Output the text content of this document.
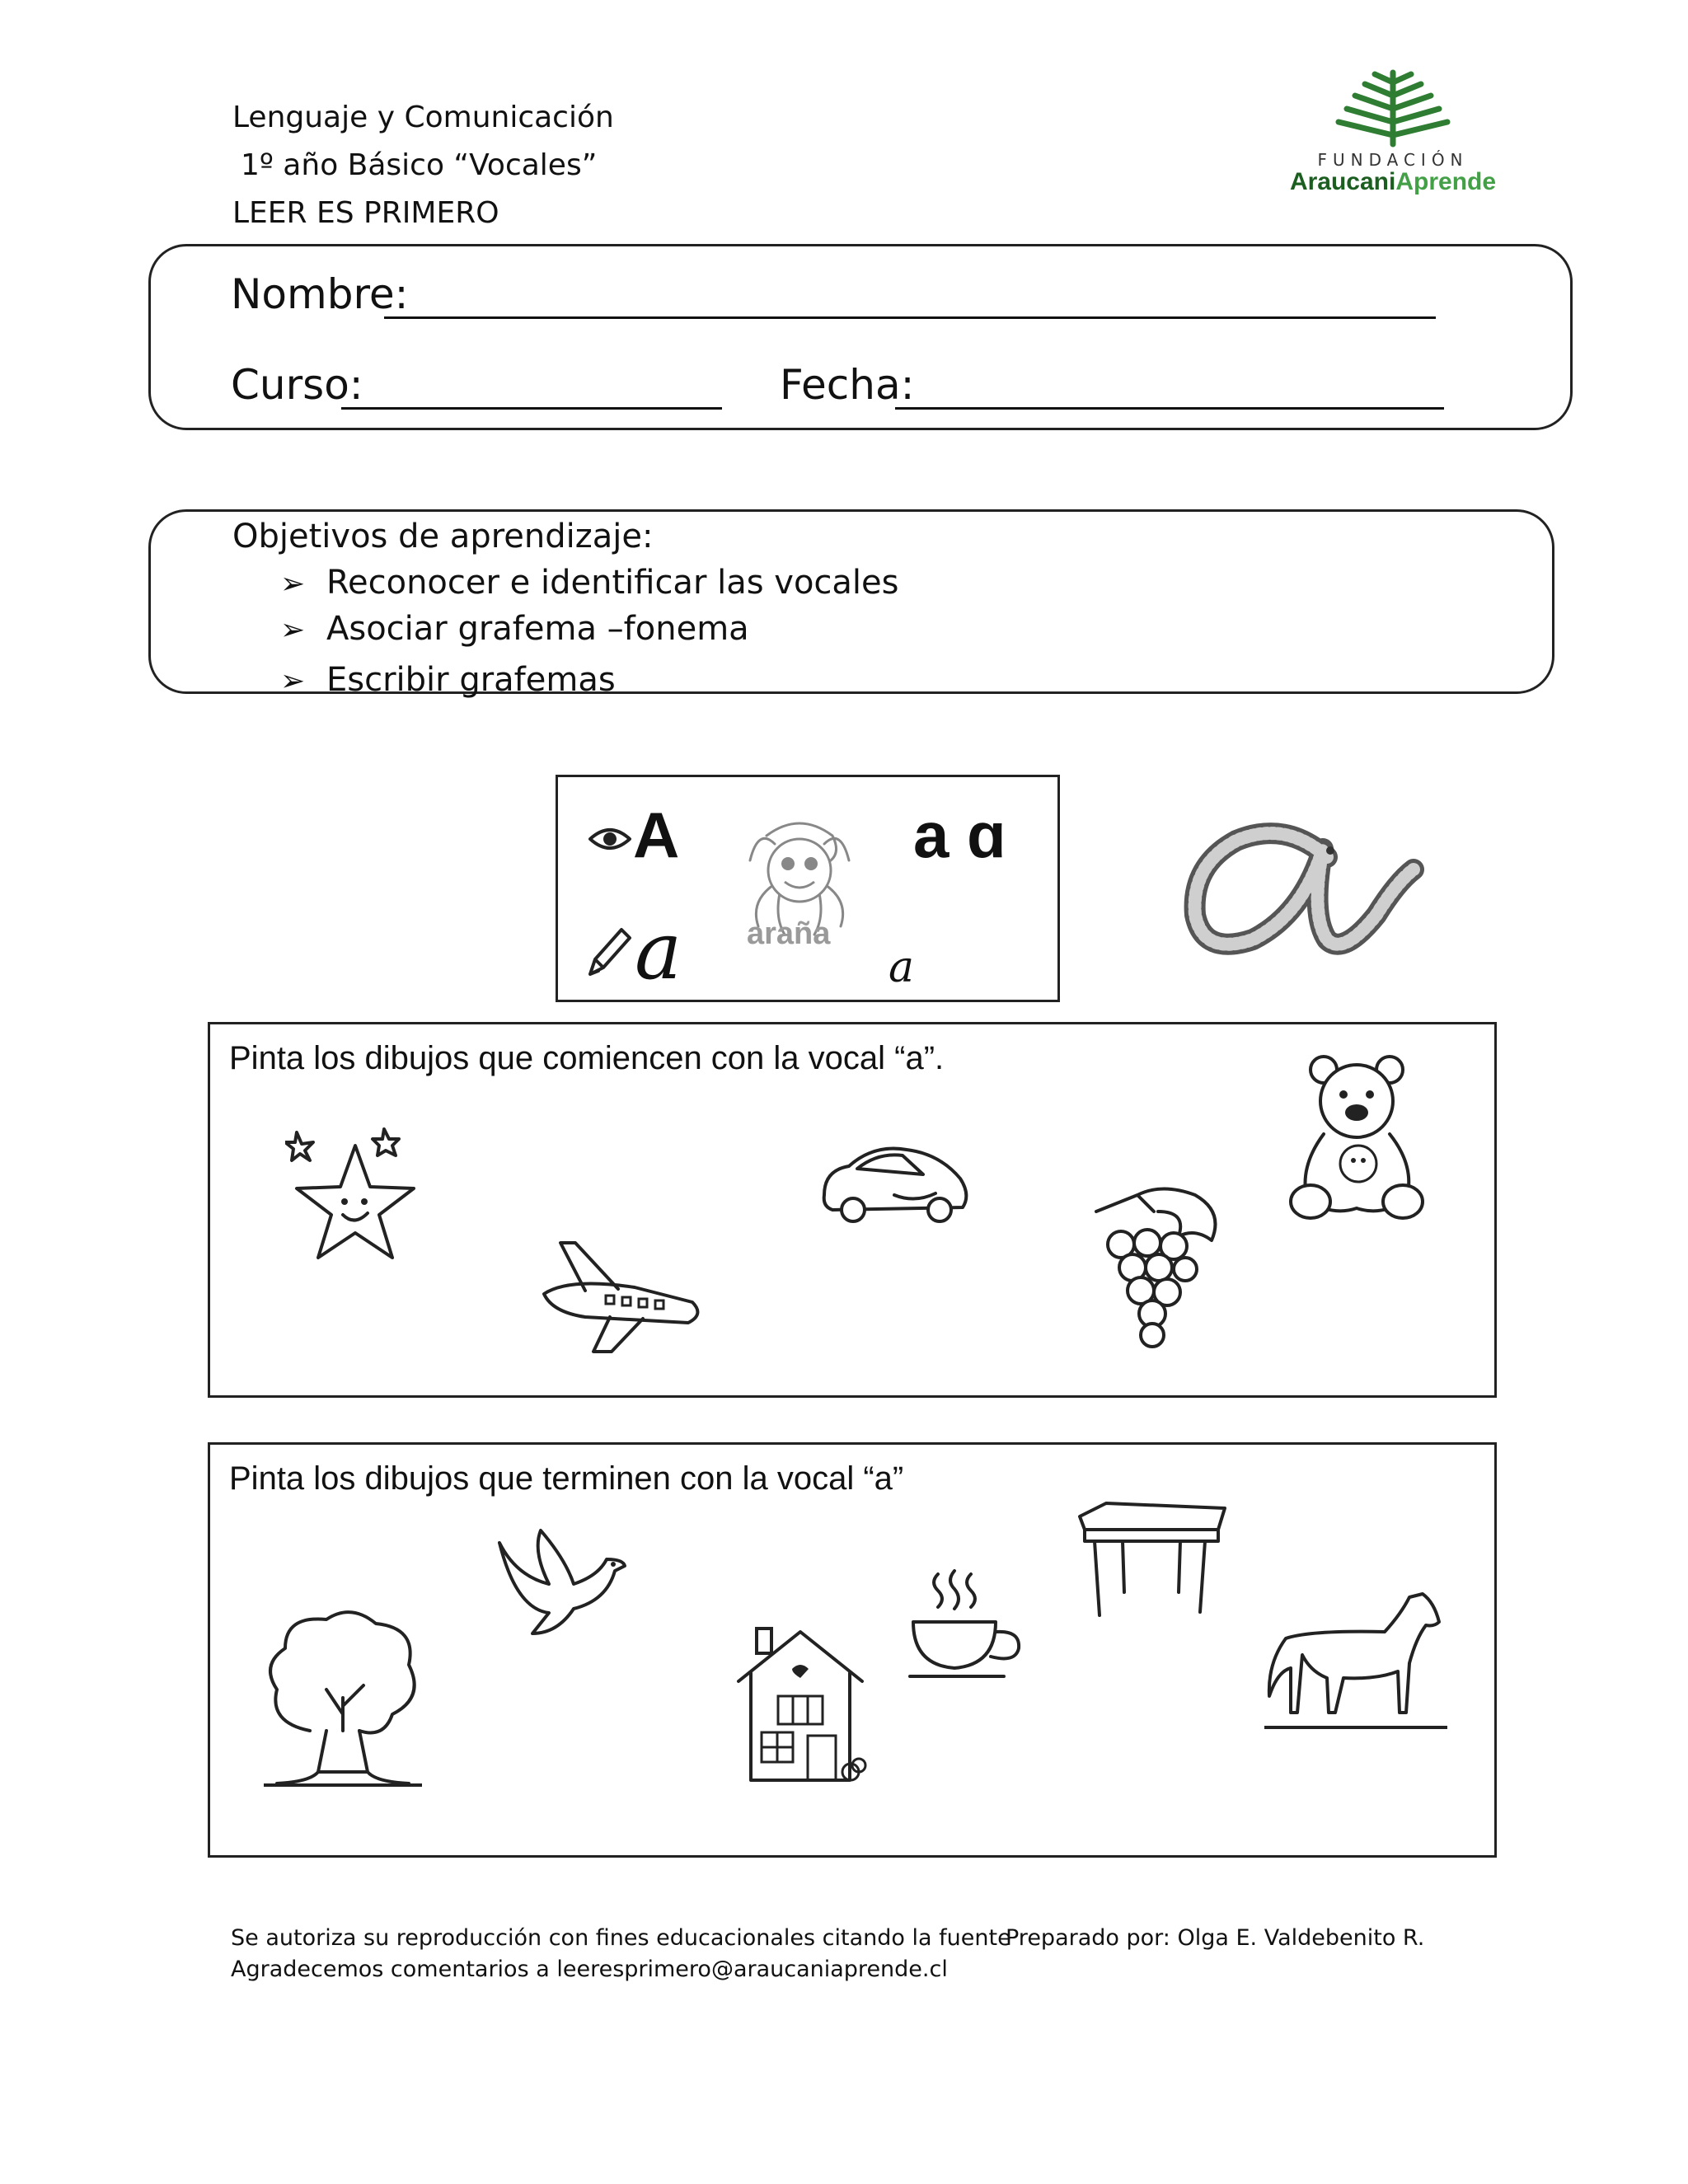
Lenguaje y Comunicación
1º año Básico “Vocales”
LEER ES PRIMERO
FUNDACIÓN
AraucaniAprende
Nombre:
Curso:	Fecha:
Objetivos de aprendizaje:
➢ Reconocer e identificar las vocales
➢ Asociar grafema –fonema
➢ Escribir grafemas
A	a ɑ
a	a
araña
Pinta los dibujos que comiencen con la vocal “a”.
Pinta los dibujos que terminen con la vocal “a”
Se autoriza su reproducción con fines educacionales citando la fuente
Agradecemos comentarios a leeresprimero@araucaniaprende.cl
Preparado por: Olga E. Valdebenito R.
